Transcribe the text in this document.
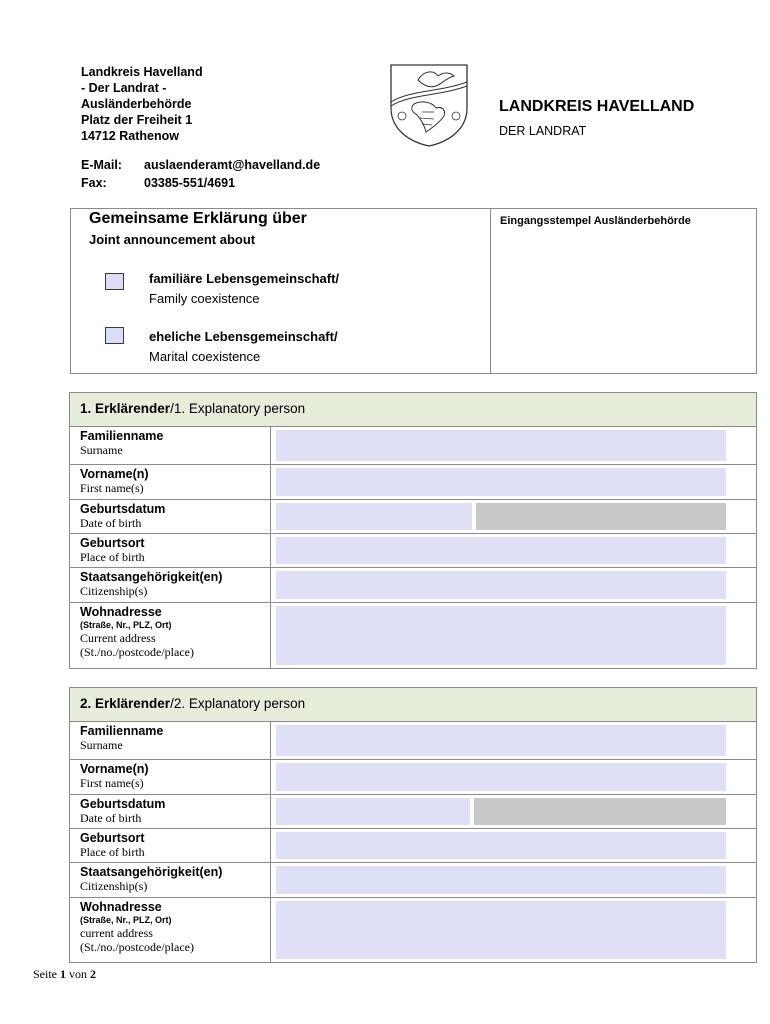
Landkreis Havelland
- Der Landrat -
Ausländerbehörde
Platz der Freiheit 1
14712 Rathenow
E-Mail: auslaenderamt@havelland.de
Fax:	03385-551/4691
LANDKREIS HAVELLAND
DER LANDRAT
Gemeinsame Erklärung über
Joint announcement about
Eingangsstempel Ausländerbehörde
familiäre Lebensgemeinschaft/
Family coexistence
eheliche Lebensgemeinschaft/
Marital coexistence
1. Erklärender/1. Explanatory person
Familienname
Surname
Vorname(n)
First name(s)
Geburtsdatum
Date of birth
Geburtsort
Place of birth
Staatsangehörigkeit(en)
Citizenship(s)
Wohnadresse
(Straße, Nr., PLZ, Ort)
Current address
(St./no./postcode/place)
2. Erklärender/2. Explanatory person
Familienname
Surname
Vorname(n)
First name(s)
Geburtsdatum
Date of birth
Geburtsort
Place of birth
Staatsangehörigkeit(en)
Citizenship(s)
Wohnadresse
(Straße, Nr., PLZ, Ort)
current address
(St./no./postcode/place)
Seite 1 von 2
